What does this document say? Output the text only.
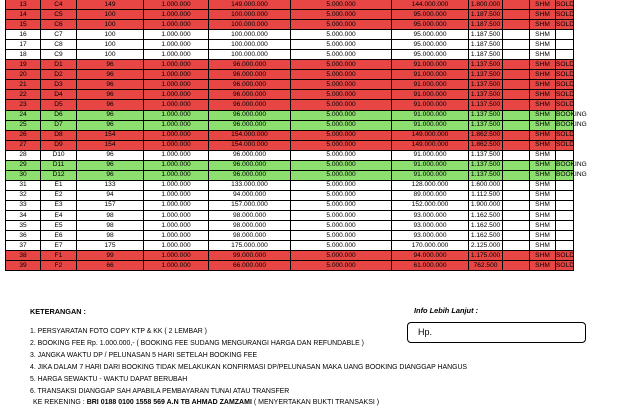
13	C4	149	1.000.000	149.000.000	5.000.000	144.000.000	1.800.000		SHM	SOLD
14	C5	100	1.000.000	100.000.000	5.000.000	95.000.000	1.187.500		SHM	SOLD
15	C6	100	1.000.000	100.000.000	5.000.000	95.000.000	1.187.500		SHM	SOLD
16	C7	100	1.000.000	100.000.000	5.000.000	95.000.000	1.187.500		SHM	
17	C8	100	1.000.000	100.000.000	5.000.000	95.000.000	1.187.500		SHM	
18	C9	100	1.000.000	100.000.000	5.000.000	95.000.000	1.187.500		SHM	
19	D1	96	1.000.000	96.000.000	5.000.000	91.000.000	1.137.500		SHM	SOLD
20	D2	96	1.000.000	96.000.000	5.000.000	91.000.000	1.137.500		SHM	SOLD
21	D3	96	1.000.000	96.000.000	5.000.000	91.000.000	1.137.500		SHM	SOLD
22	D4	96	1.000.000	96.000.000	5.000.000	91.000.000	1.137.500		SHM	SOLD
23	D5	96	1.000.000	96.000.000	5.000.000	91.000.000	1.137.500		SHM	SOLD
24	D6	96	1.000.000	96.000.000	5.000.000	91.000.000	1.137.500		SHM	BOOKING
25	D7	96	1.000.000	96.000.000	5.000.000	91.000.000	1.137.500		SHM	BOOKING
26	D8	154	1.000.000	154.000.000	5.000.000	149.000.000	1.862.500		SHM	SOLD
27	D9	154	1.000.000	154.000.000	5.000.000	149.000.000	1.862.500		SHM	SOLD
28	D10	96	1.000.000	96.000.000	5.000.000	91.000.000	1.137.500		SHM	
29	D11	96	1.000.000	96.000.000	5.000.000	91.000.000	1.137.500		SHM	BOOKING
30	D12	96	1.000.000	96.000.000	5.000.000	91.000.000	1.137.500		SHM	BOOKING
31	E1	133	1.000.000	133.000.000	5.000.000	128.000.000	1.600.000		SHM	
32	E2	94	1.000.000	94.000.000	5.000.000	89.000.000	1.112.500		SHM	
33	E3	157	1.000.000	157.000.000	5.000.000	152.000.000	1.900.000		SHM	
34	E4	98	1.000.000	98.000.000	5.000.000	93.000.000	1.162.500		SHM	
35	E5	98	1.000.000	98.000.000	5.000.000	93.000.000	1.162.500		SHM	
36	E6	98	1.000.000	98.000.000	5.000.000	93.000.000	1.162.500		SHM	
37	E7	175	1.000.000	175.000.000	5.000.000	170.000.000	2.125.000		SHM	
38	F1	99	1.000.000	99.000.000	5.000.000	94.000.000	1.175.000		SHM	SOLD
39	F2	66	1.000.000	66.000.000	5.000.000	61.000.000	762.500		SHM	SOLD
KETERANGAN :
1. PERSYARATAN FOTO COPY KTP & KK ( 2 LEMBAR )
2. BOOKING FEE Rp. 1.000.000,- ( BOOKING FEE SUDANG MENGURANGI HARGA DAN REFUNDABLE )
3. JANGKA WAKTU DP / PELUNASAN 5 HARI SETELAH BOOKING FEE
4. JIKA DALAM 7 HARI DARI BOOKING TIDAK MELAKUKAN KONFIRMASI DP/PELUNASAN MAKA UANG BOOKING DIANGGAP HANGUS
5. HARGA SEWAKTU - WAKTU DAPAT BERUBAH
6. TRANSAKSI DIANGGAP SAH APABILA PEMBAYARAN TUNAI ATAU TRANSFER
KE REKENING : BRI 0188 0100 1558 569 A.N TB AHMAD ZAMZAMI ( MENYERTAKAN BUKTI TRANSAKSI )
Info Lebih Lanjut :
Hp.
